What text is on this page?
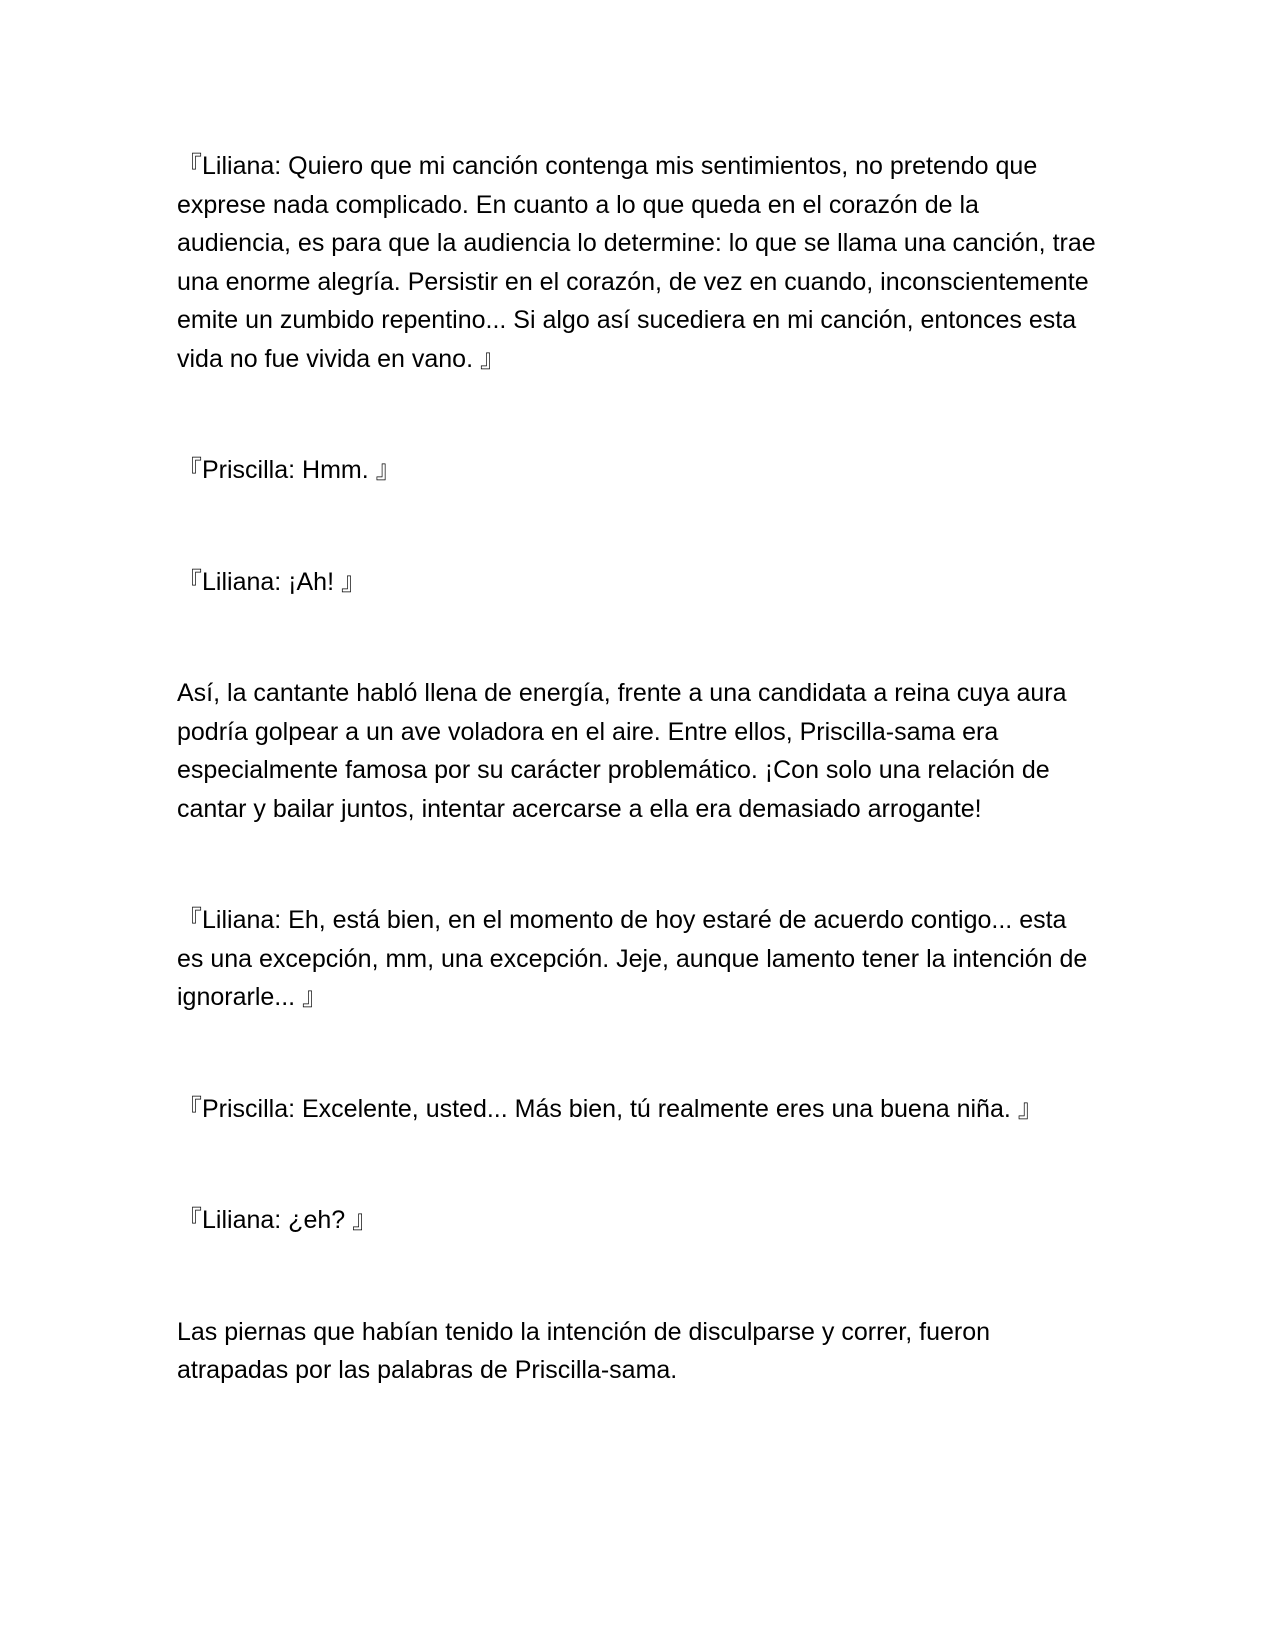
『Liliana: Quiero que mi canción contenga mis sentimientos, no pretendo que exprese nada complicado. En cuanto a lo que queda en el corazón de la audiencia, es para que la audiencia lo determine: lo que se llama una canción, trae una enorme alegría. Persistir en el corazón, de vez en cuando, inconscientemente emite un zumbido repentino... Si algo así sucediera en mi canción, entonces esta vida no fue vivida en vano. 』

『Priscilla: Hmm. 』

『Liliana: ¡Ah! 』

Así, la cantante habló llena de energía, frente a una candidata a reina cuya aura podría golpear a un ave voladora en el aire. Entre ellos, Priscilla-sama era especialmente famosa por su carácter problemático. ¡Con solo una relación de cantar y bailar juntos, intentar acercarse a ella era demasiado arrogante!

『Liliana: Eh, está bien, en el momento de hoy estaré de acuerdo contigo... esta es una excepción, mm, una excepción. Jeje, aunque lamento tener la intención de ignorarle... 』

『Priscilla: Excelente, usted... Más bien, tú realmente eres una buena niña. 』

『Liliana: ¿eh? 』

Las piernas que habían tenido la intención de disculparse y correr, fueron atrapadas por las palabras de Priscilla-sama.
